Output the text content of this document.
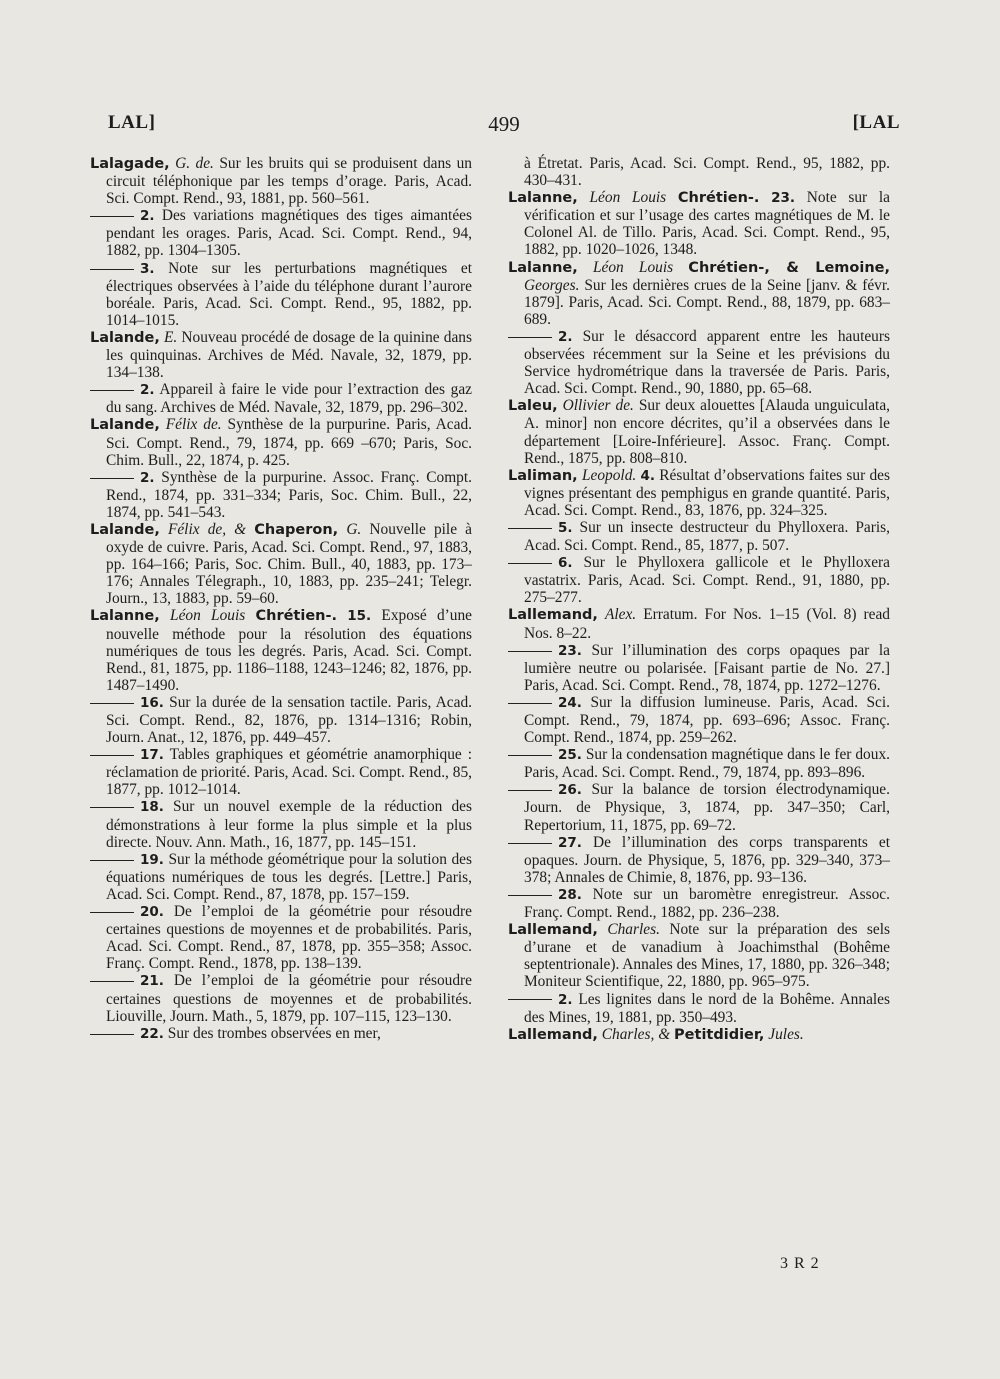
LAL]	499	[LAL

Lalagade, G. de. Sur les bruits qui se produisent dans un circuit téléphonique par les temps d’orage. Paris, Acad. Sci. Compt. Rend., 93, 1881, pp. 560–561.

2. Des variations magnétiques des tiges aimantées pendant les orages. Paris, Acad. Sci. Compt. Rend., 94, 1882, pp. 1304–1305.

3. Note sur les perturbations magnétiques et électriques observées à l’aide du téléphone durant l’aurore boréale. Paris, Acad. Sci. Compt. Rend., 95, 1882, pp. 1014–1015.

Lalande, E. Nouveau procédé de dosage de la quinine dans les quinquinas. Archives de Méd. Navale, 32, 1879, pp. 134–138.

2. Appareil à faire le vide pour l’extraction des gaz du sang. Archives de Méd. Navale, 32, 1879, pp. 296–302.

Lalande, Félix de. Synthèse de la purpurine. Paris, Acad. Sci. Compt. Rend., 79, 1874, pp. 669 –670; Paris, Soc. Chim. Bull., 22, 1874, p. 425.

2. Synthèse de la purpurine. Assoc. Franç. Compt. Rend., 1874, pp. 331–334; Paris, Soc. Chim. Bull., 22, 1874, pp. 541–543.

Lalande, Félix de, & Chaperon, G. Nouvelle pile à oxyde de cuivre. Paris, Acad. Sci. Compt. Rend., 97, 1883, pp. 164–166; Paris, Soc. Chim. Bull., 40, 1883, pp. 173–176; Annales Télegraph., 10, 1883, pp. 235–241; Telegr. Journ., 13, 1883, pp. 59–60.

Lalanne, Léon Louis Chrétien-. 15. Exposé d’une nouvelle méthode pour la résolution des équations numériques de tous les degrés. Paris, Acad. Sci. Compt. Rend., 81, 1875, pp. 1186–1188, 1243–1246; 82, 1876, pp. 1487–1490.

16. Sur la durée de la sensation tactile. Paris, Acad. Sci. Compt. Rend., 82, 1876, pp. 1314–1316; Robin, Journ. Anat., 12, 1876, pp. 449–457.

17. Tables graphiques et géométrie anamorphique : réclamation de priorité. Paris, Acad. Sci. Compt. Rend., 85, 1877, pp. 1012–1014.

18. Sur un nouvel exemple de la réduction des démonstrations à leur forme la plus simple et la plus directe. Nouv. Ann. Math., 16, 1877, pp. 145–151.

19. Sur la méthode géométrique pour la solution des équations numériques de tous les degrés. [Lettre.] Paris, Acad. Sci. Compt. Rend., 87, 1878, pp. 157–159.

20. De l’emploi de la géométrie pour résoudre certaines questions de moyennes et de probabilités. Paris, Acad. Sci. Compt. Rend., 87, 1878, pp. 355–358; Assoc. Franç. Compt. Rend., 1878, pp. 138–139.

21. De l’emploi de la géométrie pour résoudre certaines questions de moyennes et de probabilités. Liouville, Journ. Math., 5, 1879, pp. 107–115, 123–130.

22. Sur des trombes observées en mer,

à Étretat. Paris, Acad. Sci. Compt. Rend., 95, 1882, pp. 430–431.

Lalanne, Léon Louis Chrétien-. 23. Note sur la vérification et sur l’usage des cartes magnétiques de M. le Colonel Al. de Tillo. Paris, Acad. Sci. Compt. Rend., 95, 1882, pp. 1020–1026, 1348.

Lalanne, Léon Louis Chrétien-, & Lemoine, Georges. Sur les dernières crues de la Seine [janv. & févr. 1879]. Paris, Acad. Sci. Compt. Rend., 88, 1879, pp. 683–689.

2. Sur le désaccord apparent entre les hauteurs observées récemment sur la Seine et les prévisions du Service hydrométrique dans la traversée de Paris. Paris, Acad. Sci. Compt. Rend., 90, 1880, pp. 65–68.

Laleu, Ollivier de. Sur deux alouettes [Alauda unguiculata, A. minor] non encore décrites, qu’il a observées dans le département [Loire-Inférieure]. Assoc. Franç. Compt. Rend., 1875, pp. 808–810.

Laliman, Leopold. 4. Résultat d’observations faites sur des vignes présentant des pemphigus en grande quantité. Paris, Acad. Sci. Compt. Rend., 83, 1876, pp. 324–325.

5. Sur un insecte destructeur du Phylloxera. Paris, Acad. Sci. Compt. Rend., 85, 1877, p. 507.

6. Sur le Phylloxera gallicole et le Phylloxera vastatrix. Paris, Acad. Sci. Compt. Rend., 91, 1880, pp. 275–277.

Lallemand, Alex. Erratum. For Nos. 1–15 (Vol. 8) read Nos. 8–22.

23. Sur l’illumination des corps opaques par la lumière neutre ou polarisée. [Faisant partie de No. 27.] Paris, Acad. Sci. Compt. Rend., 78, 1874, pp. 1272–1276.

24. Sur la diffusion lumineuse. Paris, Acad. Sci. Compt. Rend., 79, 1874, pp. 693–696; Assoc. Franç. Compt. Rend., 1874, pp. 259–262.

25. Sur la condensation magnétique dans le fer doux. Paris, Acad. Sci. Compt. Rend., 79, 1874, pp. 893–896.

26. Sur la balance de torsion électrodynamique. Journ. de Physique, 3, 1874, pp. 347–350; Carl, Repertorium, 11, 1875, pp. 69–72.

27. De l’illumination des corps transparents et opaques. Journ. de Physique, 5, 1876, pp. 329–340, 373–378; Annales de Chimie, 8, 1876, pp. 93–136.

28. Note sur un baromètre enregistreur. Assoc. Franç. Compt. Rend., 1882, pp. 236–238.

Lallemand, Charles. Note sur la préparation des sels d’urane et de vanadium à Joachimsthal (Bohême septentrionale). Annales des Mines, 17, 1880, pp. 326–348; Moniteur Scientifique, 22, 1880, pp. 965–975.

2. Les lignites dans le nord de la Bohême. Annales des Mines, 19, 1881, pp. 350–493.

Lallemand, Charles, & Petitdidier, Jules.

3 R 2
